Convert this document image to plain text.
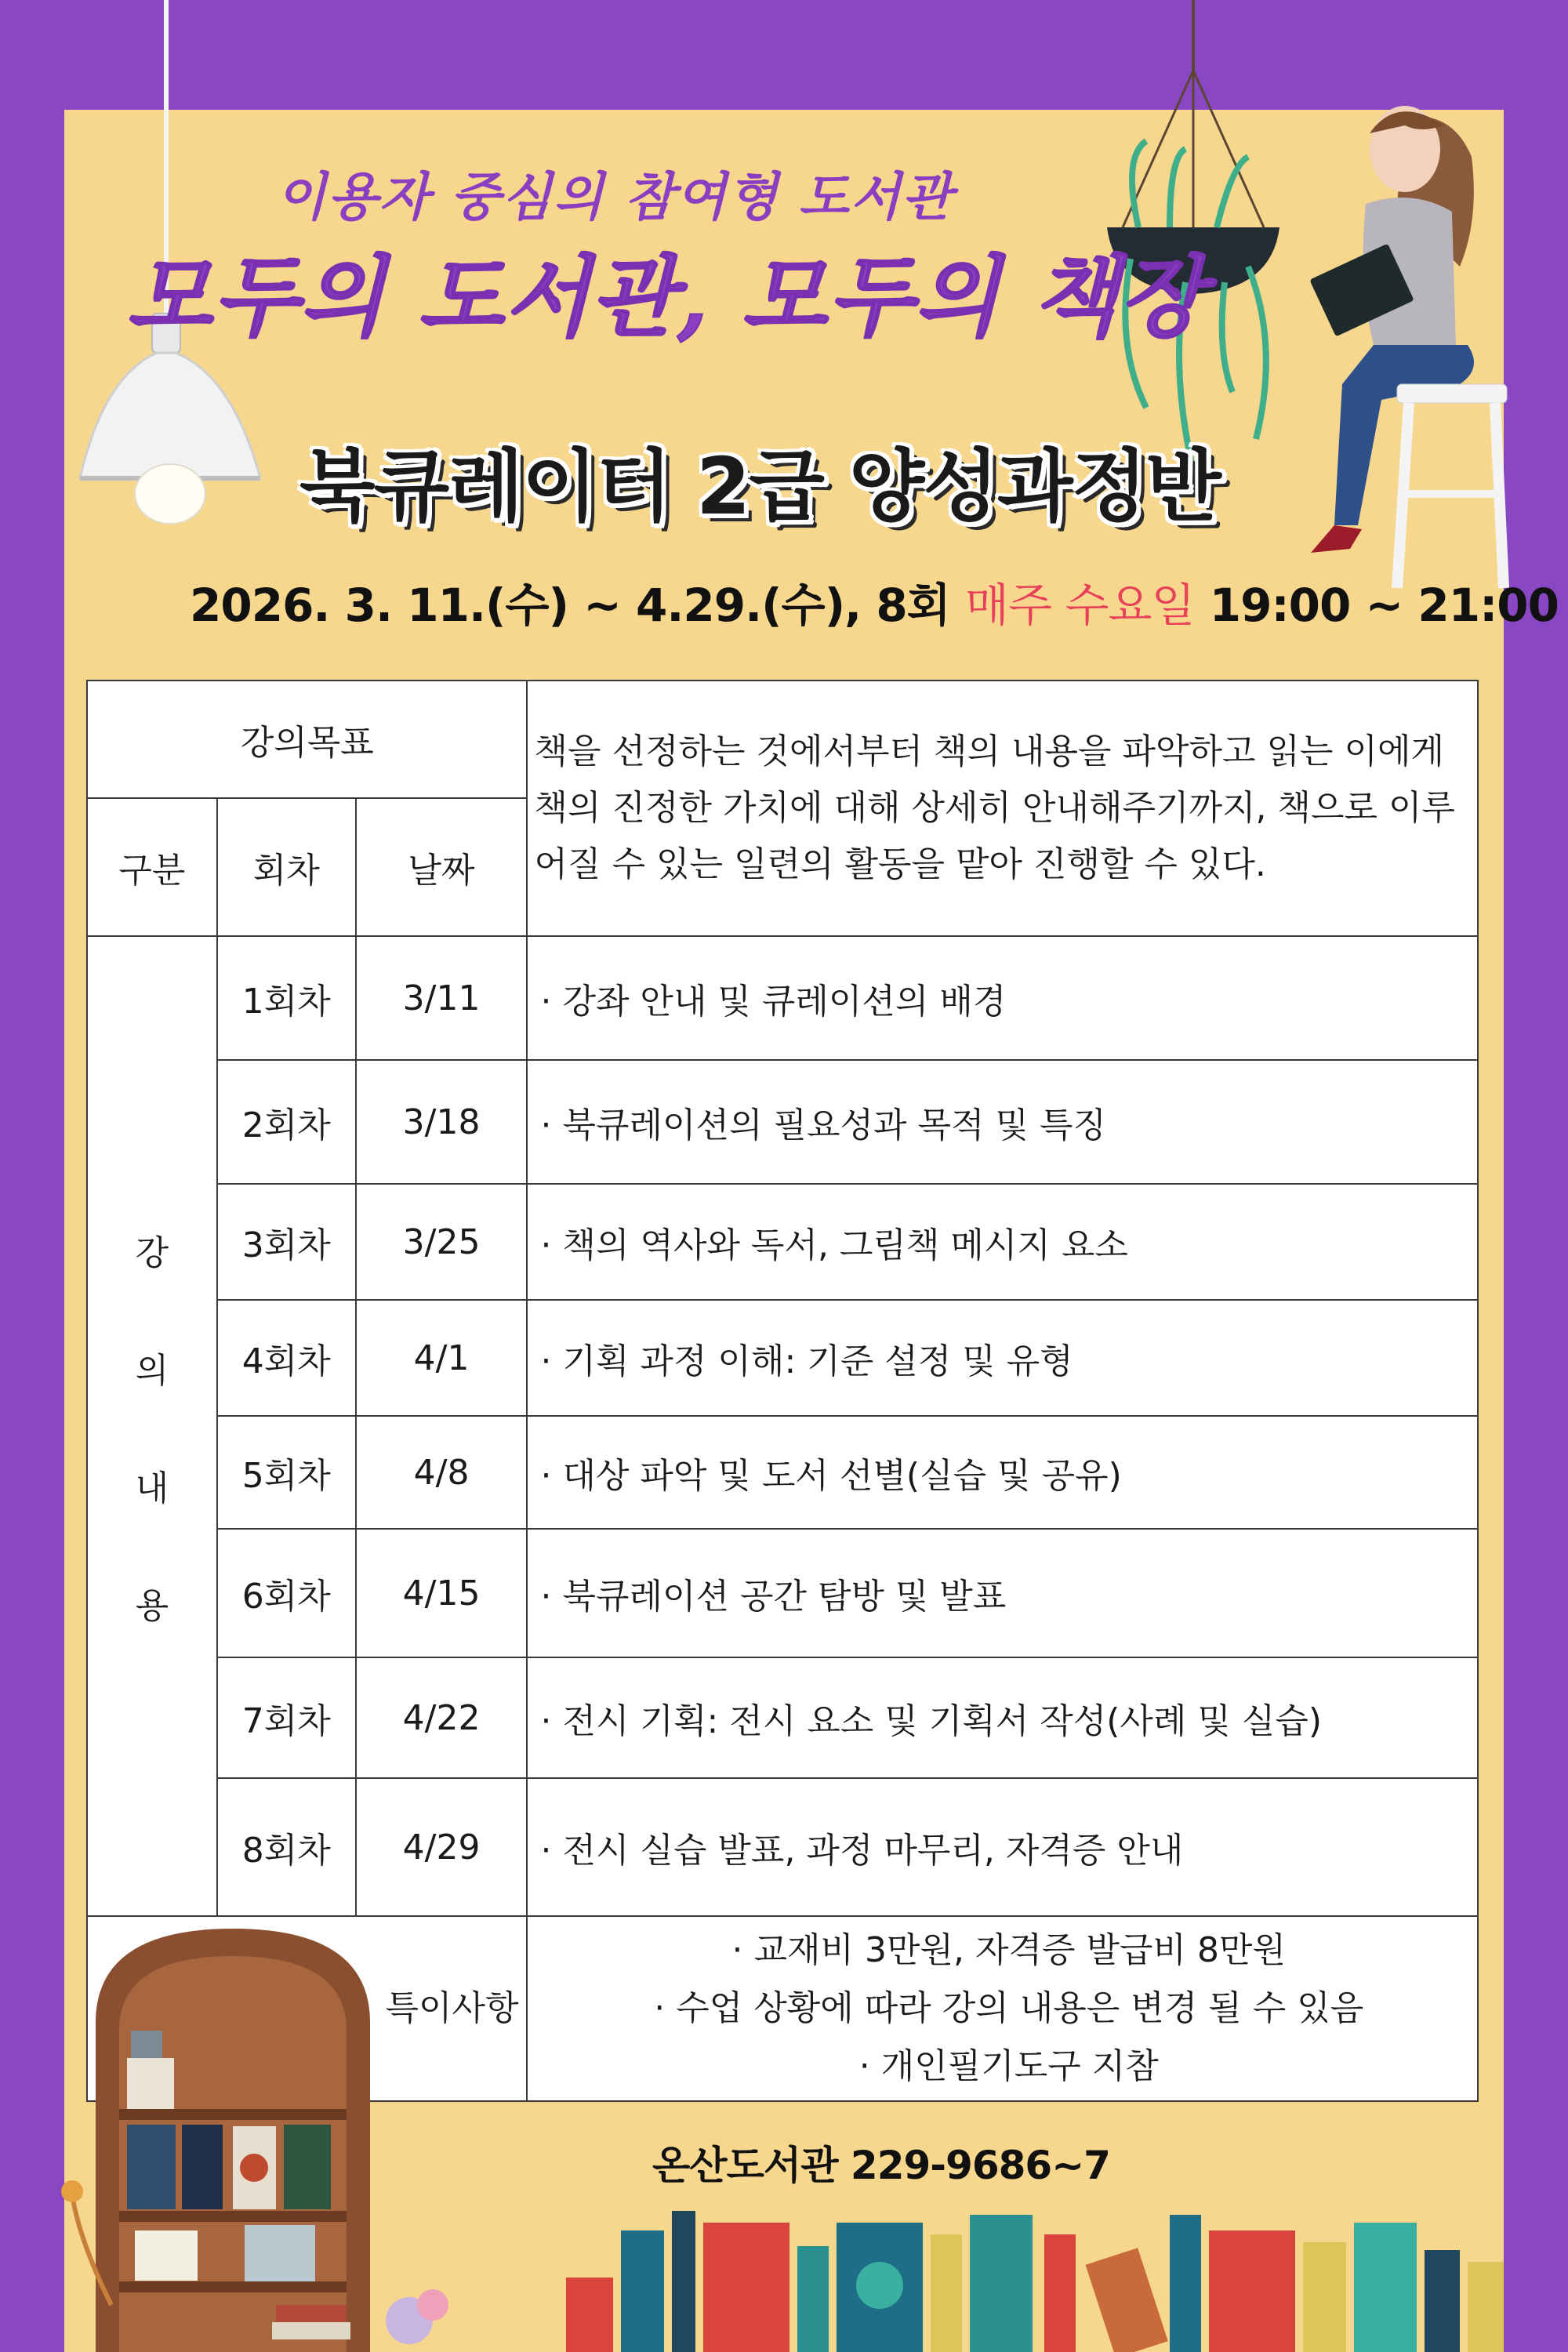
이용자 중심의 참여형 도서관
모두의 도서관, 모두의 책장
북큐레이터 2급 양성과정반
2026. 3. 11.(수) ~ 4.29.(수), 8회 매주 수요일 19:00 ~ 21:00
강의목표			책을 선정하는 것에서부터 책의 내용을 파악하고 읽는 이에게 책의 진정한 가치에 대해 상세히 안내해주기까지, 책으로 이루어질 수 있는 일련의 활동을 맡아 진행할 수 있다.
구분	회차	날짜	

강
의
내
용	1회차	3/11	· 강좌 안내 및 큐레이션의 배경
	2회차	3/18	· 북큐레이션의 필요성과 목적 및 특징
	3회차	3/25	· 책의 역사와 독서, 그림책 메시지 요소
	4회차	4/1	· 기획 과정 이해: 기준 설정 및 유형
	5회차	4/8	· 대상 파악 및 도서 선별(실습 및 공유)
	6회차	4/15	· 북큐레이션 공간 탐방 및 발표
	7회차	4/22	· 전시 기획: 전시 요소 및 기획서 작성(사례 및 실습)
	8회차	4/29	· 전시 실습 발표, 과정 마무리, 자격증 안내

특이사항			· 교재비 3만원, 자격증 발급비 8만원
· 수업 상황에 따라 강의 내용은 변경 될 수 있음
· 개인필기도구 지참
온산도서관 229-9686~7
